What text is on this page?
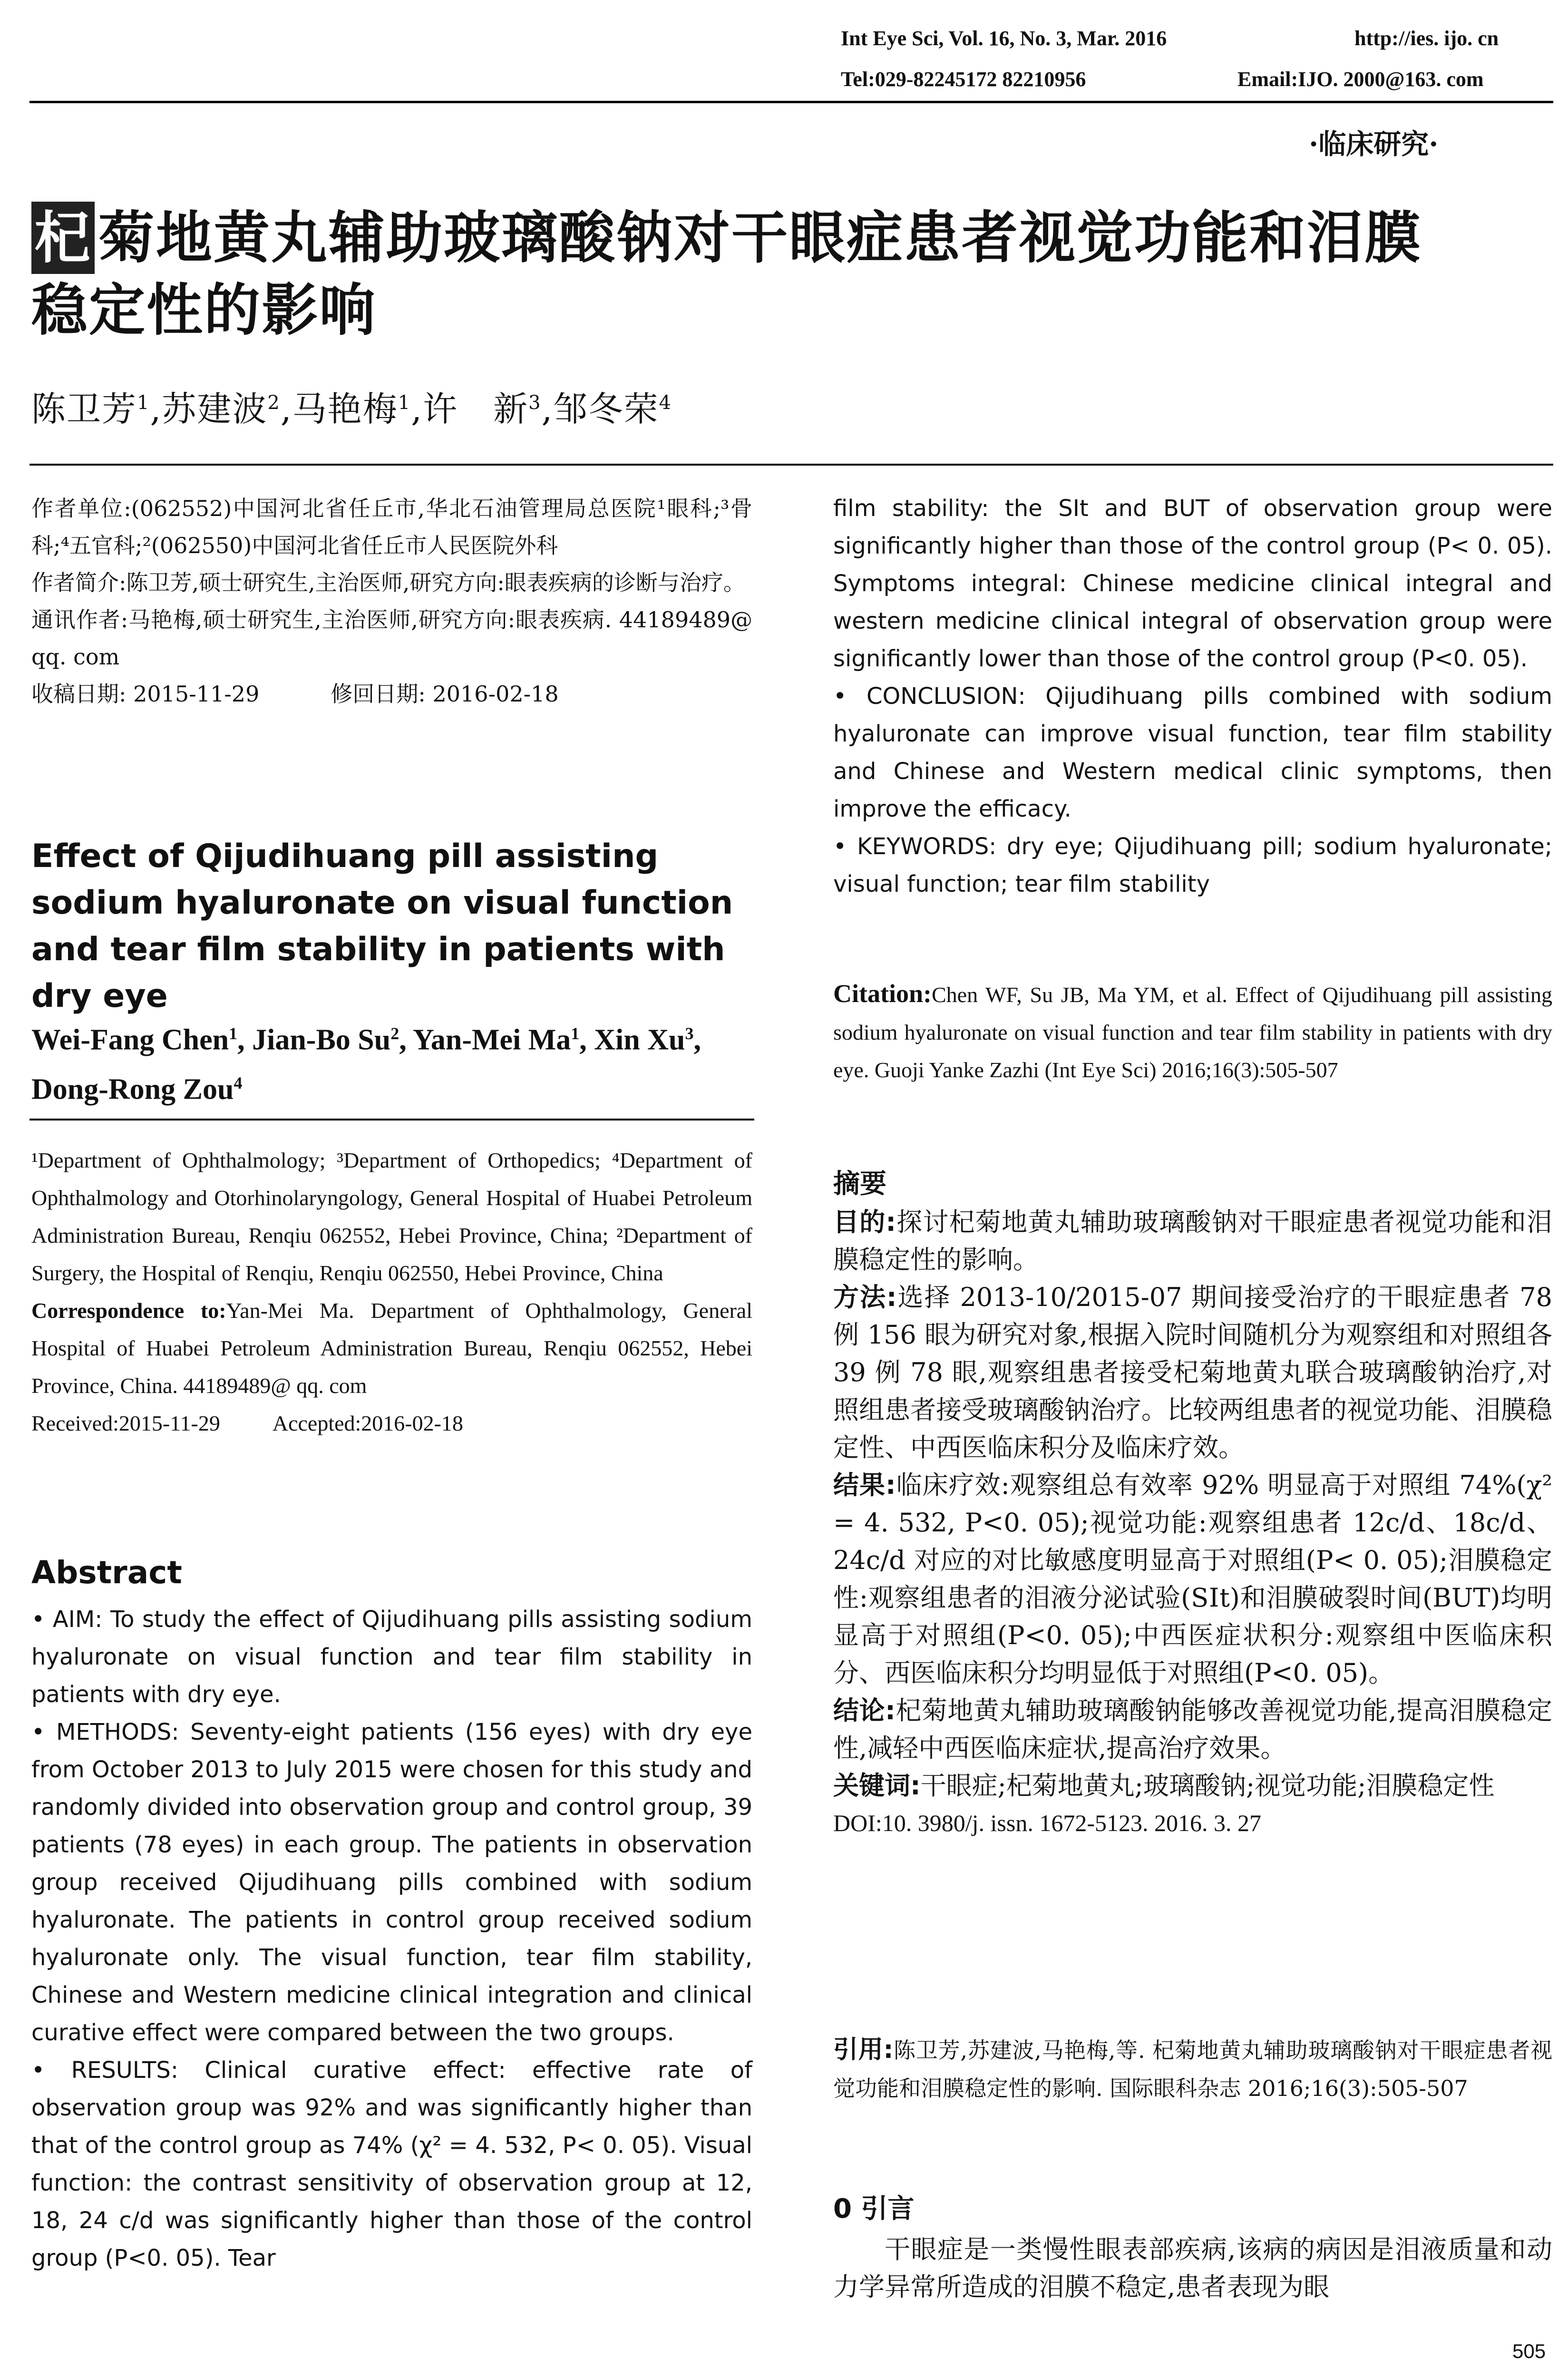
Int Eye Sci, Vol. 16, No. 3, Mar. 2016	http://ies. ijo. cn
Tel:029-82245172 82210956	Email:IJO. 2000@163. com
·临床研究·
杞 菊地黄丸辅助玻璃酸钠对干眼症患者视觉功能和泪膜
稳定性的影响
陈卫芳$^1$,苏建波$^2$,马艳梅$^1$,许　新$^3$,邹冬荣$^4$

作者单位:(062552)中国河北省任丘市,华北石油管理局总医院¹眼科;³骨科;⁴五官科;²(062550)中国河北省任丘市人民医院外科

作者简介:陈卫芳,硕士研究生,主治医师,研究方向:眼表疾病的诊断与治疗。

通讯作者:马艳梅,硕士研究生,主治医师,研究方向:眼表疾病. 44189489@ qq. com

收稿日期: 2015-11-29	修回日期: 2016-02-18

Effect of Qijudihuang pill assisting sodium hyaluronate on visual function and tear film stability in patients with dry eye
Wei-Fang Chen$^1$, Jian-Bo Su$^2$, Yan-Mei Ma$^1$, Xin Xu$^3$, Dong-Rong Zou$^4$

¹Department of Ophthalmology; ³Department of Orthopedics; ⁴Department of Ophthalmology and Otorhinolaryngology, General Hospital of Huabei Petroleum Administration Bureau, Renqiu 062552, Hebei Province, China; ²Department of Surgery, the Hospital of Renqiu, Renqiu 062550, Hebei Province, China

Correspondence to:Yan-Mei Ma. Department of Ophthalmology, General Hospital of Huabei Petroleum Administration Bureau, Renqiu 062552, Hebei Province, China. 44189489@ qq. com

Received:2015-11-29 Accepted:2016-02-18

Abstract

• AIM: To study the effect of Qijudihuang pills assisting sodium hyaluronate on visual function and tear film stability in patients with dry eye.

• METHODS: Seventy-eight patients (156 eyes) with dry eye from October 2013 to July 2015 were chosen for this study and randomly divided into observation group and control group, 39 patients (78 eyes) in each group. The patients in observation group received Qijudihuang pills combined with sodium hyaluronate. The patients in control group received sodium hyaluronate only. The visual function, tear film stability, Chinese and Western medicine clinical integration and clinical curative effect were compared between the two groups.

• RESULTS: Clinical curative effect: effective rate of observation group was 92% and was significantly higher than that of the control group as 74% (χ² = 4. 532, P< 0. 05). Visual function: the contrast sensitivity of observation group at 12, 18, 24 c/d was significantly higher than those of the control group (P<0. 05). Tear

film stability: the SIt and BUT of observation group were significantly higher than those of the control group (P< 0. 05). Symptoms integral: Chinese medicine clinical integral and western medicine clinical integral of observation group were significantly lower than those of the control group (P<0. 05).

• CONCLUSION: Qijudihuang pills combined with sodium hyaluronate can improve visual function, tear film stability and Chinese and Western medical clinic symptoms, then improve the efficacy.

• KEYWORDS: dry eye; Qijudihuang pill; sodium hyaluronate; visual function; tear film stability

Citation:Chen WF, Su JB, Ma YM, et al. Effect of Qijudihuang pill assisting sodium hyaluronate on visual function and tear film stability in patients with dry eye. Guoji Yanke Zazhi (Int Eye Sci) 2016;16(3):505-507

摘要

目的:探讨杞菊地黄丸辅助玻璃酸钠对干眼症患者视觉功能和泪膜稳定性的影响。

方法:选择 2013-10/2015-07 期间接受治疗的干眼症患者 78 例 156 眼为研究对象,根据入院时间随机分为观察组和对照组各 39 例 78 眼,观察组患者接受杞菊地黄丸联合玻璃酸钠治疗,对照组患者接受玻璃酸钠治疗。比较两组患者的视觉功能、泪膜稳定性、中西医临床积分及临床疗效。

结果:临床疗效:观察组总有效率 92% 明显高于对照组 74%(χ² = 4. 532, P<0. 05);视觉功能:观察组患者 12c/d、18c/d、24c/d 对应的对比敏感度明显高于对照组(P< 0. 05);泪膜稳定性:观察组患者的泪液分泌试验(SⅠt)和泪膜破裂时间(BUT)均明显高于对照组(P<0. 05);中西医症状积分:观察组中医临床积分、西医临床积分均明显低于对照组(P<0. 05)。

结论:杞菊地黄丸辅助玻璃酸钠能够改善视觉功能,提高泪膜稳定性,减轻中西医临床症状,提高治疗效果。

关键词:干眼症;杞菊地黄丸;玻璃酸钠;视觉功能;泪膜稳定性

DOI:10. 3980/j. issn. 1672-5123. 2016. 3. 27

引用:陈卫芳,苏建波,马艳梅,等. 杞菊地黄丸辅助玻璃酸钠对干眼症患者视觉功能和泪膜稳定性的影响. 国际眼科杂志 2016;16(3):505-507

0 引言
干眼症是一类慢性眼表部疾病,该病的病因是泪液质量和动力学异常所造成的泪膜不稳定,患者表现为眼
505
